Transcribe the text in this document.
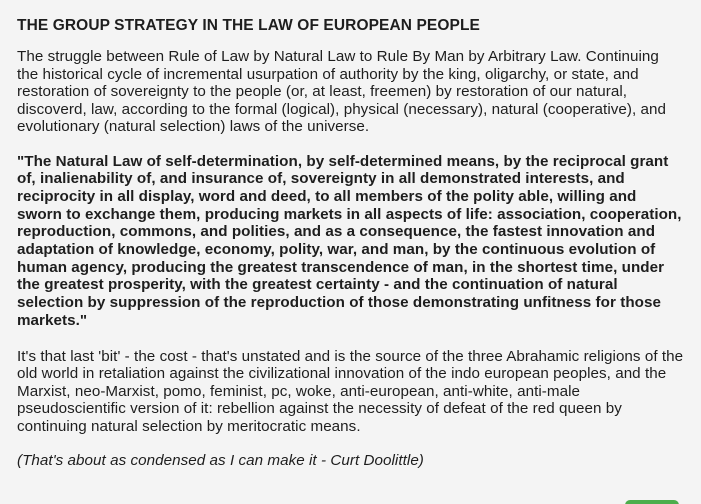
THE GROUP STRATEGY IN THE LAW OF EUROPEAN PEOPLE

The struggle between Rule of Law by Natural Law to Rule By Man by Arbitrary Law. Continuing the historical cycle of incremental usurpation of authority by the king, oligarchy, or state, and restoration of sovereignty to the people (or, at least, freemen) by restoration of our natural, discoverd, law, according to the formal (logical), physical (necessary), natural (cooperative), and evolutionary (natural selection) laws of the universe.

"The Natural Law of self-determination, by self-determined means, by the reciprocal grant of, inalienability of, and insurance of, sovereignty in all demonstrated interests, and reciprocity in all display, word and deed, to all members of the polity able, willing and sworn to exchange them, producing markets in all aspects of life: association, cooperation, reproduction, commons, and polities, and as a consequence, the fastest innovation and adaptation of knowledge, economy, polity, war, and man, by the continuous evolution of human agency, producing the greatest transcendence of man, in the shortest time, under the greatest prosperity, with the greatest certainty - and the continuation of natural selection by suppression of the reproduction of those demonstrating unfitness for those markets."

It's that last 'bit' - the cost - that's unstated and is the source of the three Abrahamic religions of the old world in retaliation against the civilizational innovation of the indo european peoples, and the Marxist, neo-Marxist, pomo, feminist, pc, woke, anti-european, anti-white, anti-male pseudoscientific version of it: rebellion against the necessity of defeat of the red queen by continuing natural selection by meritocratic means.

(That's about as condensed as I can make it - Curt Doolittle)
